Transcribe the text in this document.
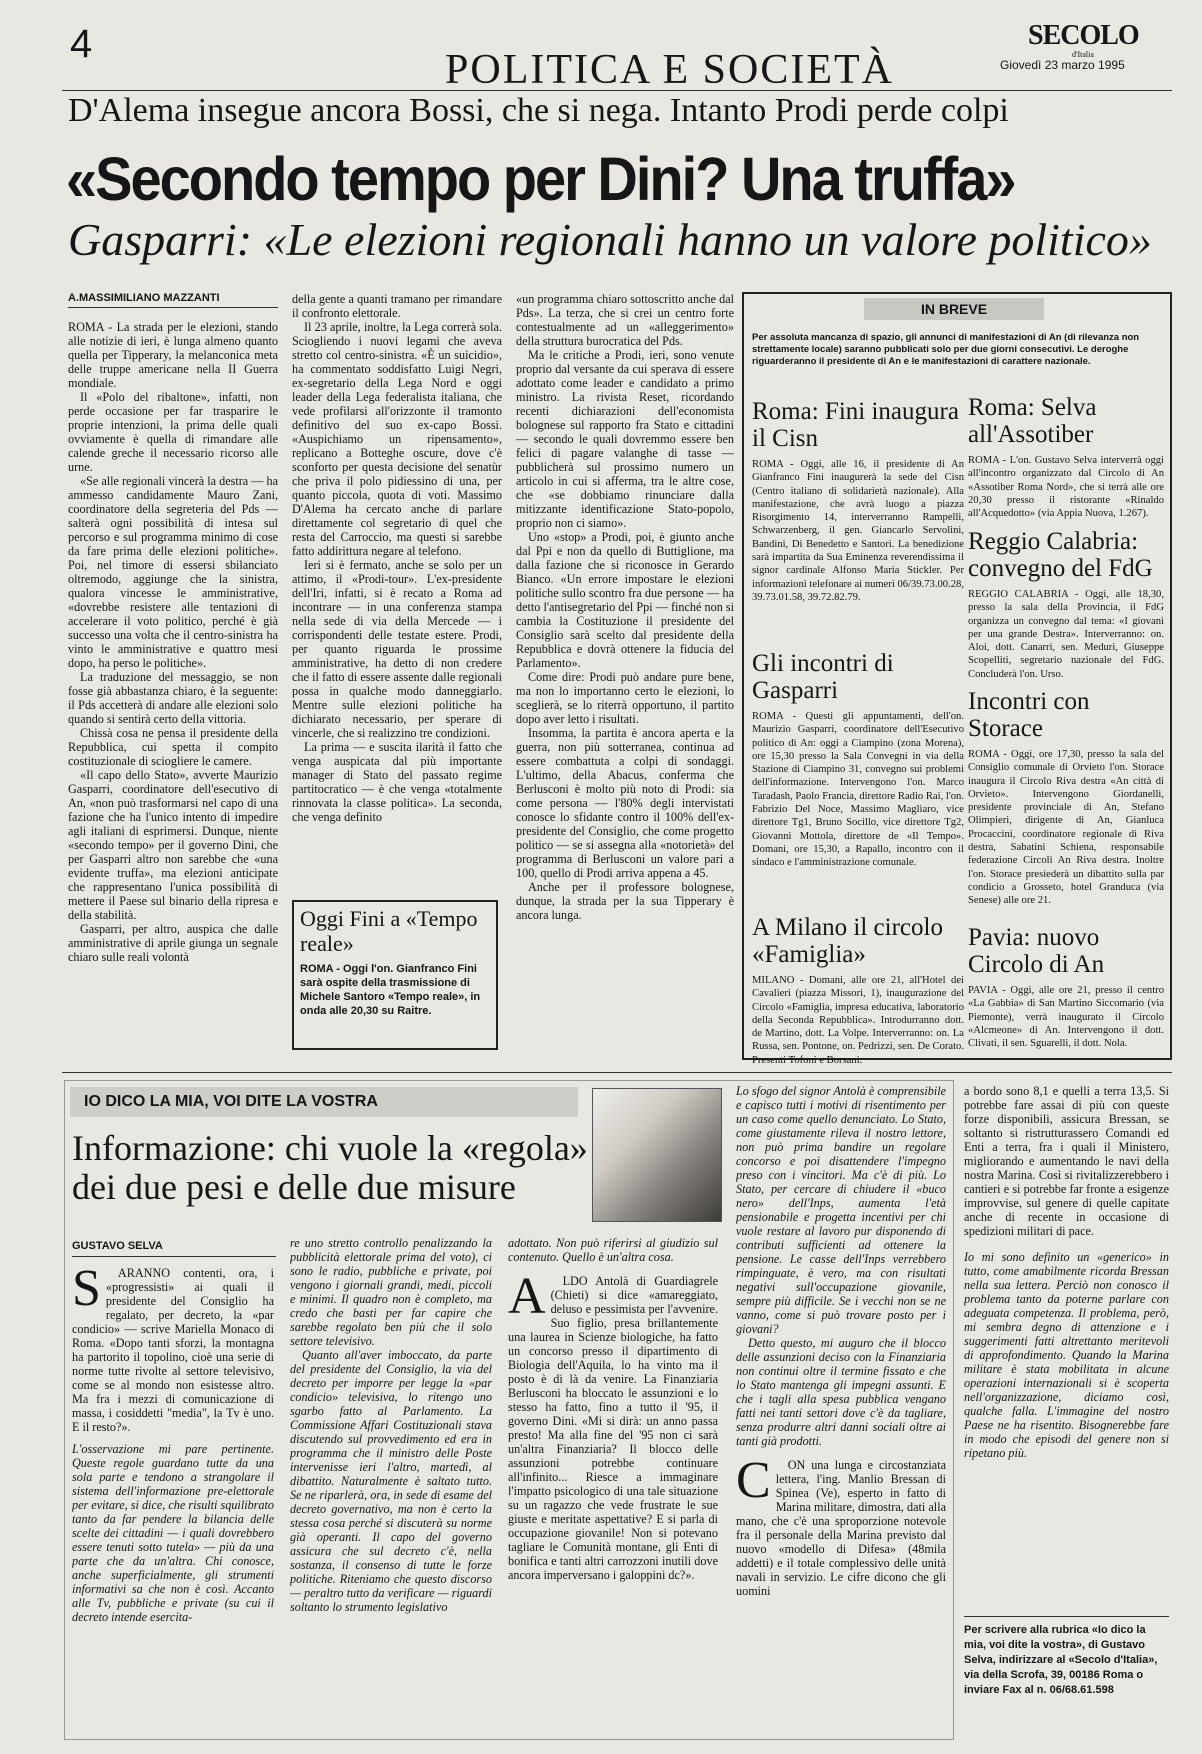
4
POLITICA E SOCIETÀ
SECOLO
d'Italia
Giovedì 23 marzo 1995
D'Alema insegue ancora Bossi, che si nega. Intanto Prodi perde colpi
«Secondo tempo per Dini? Una truffa»
Gasparri: «Le elezioni regionali hanno un valore politico»
A.MASSIMILIANO MAZZANTI

ROMA - La strada per le elezioni, stando alle notizie di ieri, è lunga almeno quanto quella per Tipperary, la melanconica meta delle truppe americane nella II Guerra mondiale.

Il «Polo del ribaltone», infatti, non perde occasione per far trasparire le proprie intenzioni, la prima delle quali ovviamente è quella di rimandare alle calende greche il necessario ricorso alle urne.

«Se alle regionali vincerà la destra — ha ammesso candidamente Mauro Zani, coordinatore della segreteria del Pds — salterà ogni possibilità di intesa sul percorso e sul programma minimo di cose da fare prima delle elezioni politiche». Poi, nel timore di essersi sbilanciato oltremodo, aggiunge che la sinistra, qualora vincesse le amministrative, «dovrebbe resistere alle tentazioni di accelerare il voto politico, perché è già successo una volta che il centro-sinistra ha vinto le amministrative e quattro mesi dopo, ha perso le politiche».

La traduzione del messaggio, se non fosse già abbastanza chiaro, è la seguente: il Pds accetterà di andare alle elezioni solo quando si sentirà certo della vittoria.

Chissà cosa ne pensa il presidente della Repubblica, cui spetta il compito costituzionale di sciogliere le camere.

«Il capo dello Stato», avverte Maurizio Gasparri, coordinatore dell'esecutivo di An, «non può trasformarsi nel capo di una fazione che ha l'unico intento di impedire agli italiani di esprimersi. Dunque, niente «secondo tempo» per il governo Dini, che per Gasparri altro non sarebbe che «una evidente truffa», ma elezioni anticipate che rappresentano l'unica possibilità di mettere il Paese sul binario della ripresa e della stabilità.

Gasparri, per altro, auspica che dalle amministrative di aprile giunga un segnale chiaro sulle reali volontà

della gente a quanti tramano per rimandare il confronto elettorale.

Il 23 aprile, inoltre, la Lega correrà sola. Sciogliendo i nuovi legami che aveva stretto col centro-sinistra. «È un suicidio», ha commentato soddisfatto Luigi Negri, ex-segretario della Lega Nord e oggi leader della Lega federalista italiana, che vede profilarsi all'orizzonte il tramonto definitivo del suo ex-capo Bossi. «Auspichiamo un ripensamento», replicano a Botteghe oscure, dove c'è sconforto per questa decisione del senatùr che priva il polo pidiessino di una, per quanto piccola, quota di voti. Massimo D'Alema ha cercato anche di parlare direttamente col segretario di quel che resta del Carroccio, ma questi si sarebbe fatto addirittura negare al telefono.

Ieri si è fermato, anche se solo per un attimo, il «Prodi-tour». L'ex-presidente dell'Iri, infatti, si è recato a Roma ad incontrare — in una conferenza stampa nella sede di via della Mercede — i corrispondenti delle testate estere. Prodi, per quanto riguarda le prossime amministrative, ha detto di non credere che il fatto di essere assente dalle regionali possa in qualche modo danneggiarlo. Mentre sulle elezioni politiche ha dichiarato necessario, per sperare di vincerle, che si realizzino tre condizioni.

La prima — e suscita ilarità il fatto che venga auspicata dal più importante manager di Stato del passato regime partitocratico — è che venga «totalmente rinnovata la classe politica». La seconda, che venga definito

Oggi Fini a «Tempo reale»
ROMA - Oggi l'on. Gianfranco Fini sarà ospite della trasmissione di Michele Santoro «Tempo reale», in onda alle 20,30 su Raitre.

«un programma chiaro sottoscritto anche dal Pds». La terza, che si crei un centro forte contestualmente ad un «alleggerimento» della struttura burocratica del Pds.

Ma le critiche a Prodi, ieri, sono venute proprio dal versante da cui sperava di essere adottato come leader e candidato a primo ministro. La rivista Reset, ricordando recenti dichiarazioni dell'economista bolognese sul rapporto fra Stato e cittadini — secondo le quali dovremmo essere ben felici di pagare valanghe di tasse — pubblicherà sul prossimo numero un articolo in cui si afferma, tra le altre cose, che «se dobbiamo rinunciare dalla mitizzante identificazione Stato-popolo, proprio non ci siamo».

Uno «stop» a Prodi, poi, è giunto anche dal Ppi e non da quello di Buttiglione, ma dalla fazione che si riconosce in Gerardo Bianco. «Un errore impostare le elezioni politiche sullo scontro fra due persone — ha detto l'antisegretario del Ppi — finché non si cambia la Costituzione il presidente del Consiglio sarà scelto dal presidente della Repubblica e dovrà ottenere la fiducia del Parlamento».

Come dire: Prodi può andare pure bene, ma non lo importanno certo le elezioni, lo sceglierà, se lo riterrà opportuno, il partito dopo aver letto i risultati.

Insomma, la partita è ancora aperta e la guerra, non più sotterranea, continua ad essere combattuta a colpi di sondaggi. L'ultimo, della Abacus, conferma che Berlusconi è molto più noto di Prodi: sia come persona — l'80% degli intervistati conosce lo sfidante contro il 100% dell'ex-presidente del Consiglio, che come progetto politico — se si assegna alla «notorietà» del programma di Berlusconi un valore pari a 100, quello di Prodi arriva appena a 45.

Anche per il professore bolognese, dunque, la strada per la sua Tipperary è ancora lunga.

IN BREVE
Per assoluta mancanza di spazio, gli annunci di manifestazioni di An (di rilevanza non strettamente locale) saranno pubblicati solo per due giorni consecutivi. Le deroghe riguarderanno il presidente di An e le manifestazioni di carattere nazionale.
Roma: Fini inaugura il Cisn
ROMA - Oggi, alle 16, il presidente di An Gianfranco Fini inaugurerà la sede del Cisn (Centro italiano di solidarietà nazionale). Alla manifestazione, che avrà luogo a piazza Risorgimento 14, interverranno Rampelli, Schwarzenberg, il gen. Giancarlo Servolini, Bandini, Di Benedetto e Santori. La benedizione sarà impartita da Sua Eminenza reverendissima il signor cardinale Alfonso Maria Stickler. Per informazioni telefonare ai numeri 06/39.73.00.28, 39.73.01.58, 39.72.82.79.
Gli incontri di Gasparri
ROMA - Questi gli appuntamenti, dell'on. Maurizio Gasparri, coordinatore dell'Esecutivo politico di An: oggi a Ciampino (zona Morena), ore 15,30 presso la Sala Convegni in via della Stazione di Ciampino 31, convegno sui problemi dell'informazione. Intervengono l'on. Marco Taradash, Paolo Francia, direttore Radio Rai, l'on. Fabrizio Del Noce, Massimo Magliaro, vice direttore Tg1, Bruno Socillo, vice direttore Tg2, Giovanni Mottola, direttore de «Il Tempo». Domani, ore 15,30, a Rapallo, incontro con il sindaco e l'amministrazione comunale.
A Milano il circolo «Famiglia»
MILANO - Domani, alle ore 21, all'Hotel dei Cavalieri (piazza Missori, 1), inaugurazione del Circolo «Famiglia, impresa educativa, laboratorio della Seconda Repubblica». Introdurranno dott. de Martino, dott. La Volpe. Interverranno: on. La Russa, sen. Pontone, on. Pedrizzi, sen. De Corato. Presenti Tofoni e Borsani.
Roma: Selva all'Assotiber
ROMA - L'on. Gustavo Selva interverrà oggi all'incontro organizzato dal Circolo di An «Assotiber Roma Nord», che si terrà alle ore 20,30 presso il ristorante «Rinaldo all'Acquedotto» (via Appia Nuova, 1.267).
Reggio Calabria: convegno del FdG
REGGIO CALABRIA - Oggi, alle 18,30, presso la sala della Provincia, il FdG organizza un convegno dal tema: «I giovani per una grande Destra». Interverranno: on. Aloi, dott. Canarri, sen. Meduri, Giuseppe Scopelliti, segretario nazionale del FdG. Concluderà l'on. Urso.
Incontri con Storace
ROMA - Oggi, ore 17,30, presso la sala del Consiglio comunale di Orvieto l'on. Storace inaugura il Circolo Riva destra «An città di Orvieto». Intervengono Giordanelli, presidente provinciale di An, Stefano Olimpieri, dirigente di An, Gianluca Procaccini, coordinatore regionale di Riva destra, Sabatini Schiena, responsabile federazione Circoli An Riva destra. Inoltre l'on. Storace presiederà un dibattito sulla par condicio a Grosseto, hotel Granduca (via Senese) alle ore 21.
Pavia: nuovo Circolo di An
PAVIA - Oggi, alle ore 21, presso il centro «La Gabbia» di San Martino Siccomario (via Piemonte), verrà inaugurato il Circolo «Alcmeone» di An. Intervengono il dott. Clivati, il sen. Sguarelli, il dott. Nola.
IO DICO LA MIA, VOI DITE LA VOSTRA
Informazione: chi vuole la «regola»
dei due pesi e delle due misure
GUSTAVO SELVA
S	ARANNO contenti, ora, i «progressisti» ai quali il presidente del Consiglio ha regalato, per decreto, la «par condicio» — scrive Mariella Monaco di Roma. «Dopo tanti sforzi, la montagna ha partorito il topolino, cioè una serie di norme tutte rivolte al settore televisivo, come se al mondo non esistesse altro. Ma fra i mezzi di comunicazione di massa, i cosiddetti "media", la Tv è uno. E il resto?».

L'osservazione mi pare pertinente. Queste regole guardano tutte da una sola parte e tendono a strangolare il sistema dell'informazione pre-elettorale per evitare, si dice, che risulti squilibrato tanto da far pendere la bilancia delle scelte dei cittadini — i quali dovrebbero essere tenuti sotto tutela» — più da una parte che da un'altra. Chi conosce, anche superficialmente, gli strumenti informativi sa che non è così. Accanto alle Tv, pubbliche e private (su cui il decreto intende esercita-

re uno stretto controllo penalizzando la pubblicità elettorale prima del voto), ci sono le radio, pubbliche e private, poi vengono i giornali grandi, medi, piccoli e minimi. Il quadro non è completo, ma credo che basti per far capire che sarebbe regolato ben più che il solo settore televisivo.

Quanto all'aver imboccato, da parte del presidente del Consiglio, la via del decreto per imporre per legge la «par condicio» televisiva, lo ritengo uno sgarbo fatto al Parlamento. La Commissione Affari Costituzionali stava discutendo sul provvedimento ed era in programma che il ministro delle Poste intervenisse ieri l'altro, martedì, al dibattito. Naturalmente è saltato tutto. Se ne riparlerà, ora, in sede di esame del decreto governativo, ma non è certo la stessa cosa perché si discuterà su norme già operanti. Il capo del governo assicura che sul decreto c'è, nella sostanza, il consenso di tutte le forze politiche. Riteniamo che questo discorso — peraltro tutto da verificare — riguardi soltanto lo strumento legislativo

adottato. Non può riferirsi al giudizio sul contenuto. Quello è un'altra cosa.

A	LDO Antolà di Guardiagrele (Chieti) si dice «amareggiato, deluso e pessimista per l'avvenire. Suo figlio, presa brillantemente una laurea in Scienze biologiche, ha fatto un concorso presso il dipartimento di Biologia dell'Aquila, lo ha vinto ma il posto è di là da venire. La Finanziaria Berlusconi ha bloccato le assunzioni e lo stesso ha fatto, fino a tutto il '95, il governo Dini. «Mi si dirà: un anno passa presto! Ma alla fine del '95 non ci sarà un'altra Finanziaria? Il blocco delle assunzioni potrebbe continuare all'infinito... Riesce a immaginare l'impatto psicologico di una tale situazione su un ragazzo che vede frustrate le sue giuste e meritate aspettative? E si parla di occupazione giovanile! Non si potevano tagliare le Comunità montane, gli Enti di bonifica e tanti altri carrozzoni inutili dove ancora imperversano i galoppini dc?».

Lo sfogo del signor Antolà è comprensibile e capisco tutti i motivi di risentimento per un caso come quello denunciato. Lo Stato, come giustamente rileva il nostro lettore, non può prima bandire un regolare concorso e poi disattendere l'impegno preso con i vincitori. Ma c'è di più. Lo Stato, per cercare di chiudere il «buco nero» dell'Inps, aumenta l'età pensionabile e progetta incentivi per chi vuole restare al lavoro pur disponendo di contributi sufficienti ad ottenere la pensione. Le casse dell'Inps verrebbero rimpinguate, è vero, ma con risultati negativi sull'occupazione giovanile, sempre più difficile. Se i vecchi non se ne vanno, come si può trovare posto per i giovani?

Detto questo, mi auguro che il blocco delle assunzioni deciso con la Finanziaria non continui oltre il termine fissato e che lo Stato mantenga gli impegni assunti. E che i tagli alla spesa pubblica vengano fatti nei tanti settori dove c'è da tagliare, senza produrre altri danni sociali oltre ai tanti già prodotti.

C	ON una lunga e circostanziata lettera, l'ing. Manlio Bressan di Spinea (Ve), esperto in fatto di Marina militare, dimostra, dati alla mano, che c'è una sproporzione notevole fra il personale della Marina previsto dal nuovo «modello di Difesa» (48mila addetti) e il totale complessivo delle unità navali in servizio. Le cifre dicono che gli uomini

a bordo sono 8,1 e quelli a terra 13,5. Si potrebbe fare assai di più con queste forze disponibili, assicura Bressan, se soltanto si ristrutturassero Comandi ed Enti a terra, fra i quali il Ministero, migliorando e aumentando le navi della nostra Marina. Così si rivitalizzerebbero i cantieri e si potrebbe far fronte a esigenze improvvise, sul genere di quelle capitate anche di recente in occasione di spedizioni militari di pace.

Io mi sono definito un «generico» in tutto, come amabilmente ricorda Bressan nella sua lettera. Perciò non conosco il problema tanto da poterne parlare con adeguata competenza. Il problema, però, mi sembra degno di attenzione e i suggerimenti fatti altrettanto meritevoli di approfondimento. Quando la Marina militare è stata mobilitata in alcune operazioni internazionali si è scoperta nell'organizzazione, diciamo così, qualche falla. L'immagine del nostro Paese ne ha risentito. Bisognerebbe fare in modo che episodi del genere non si ripetano più.

Per scrivere alla rubrica «Io dico la mia, voi dite la vostra», di Gustavo Selva, indirizzare al «Secolo d'Italia», via della Scrofa, 39, 00186 Roma o inviare Fax al n. 06/68.61.598
